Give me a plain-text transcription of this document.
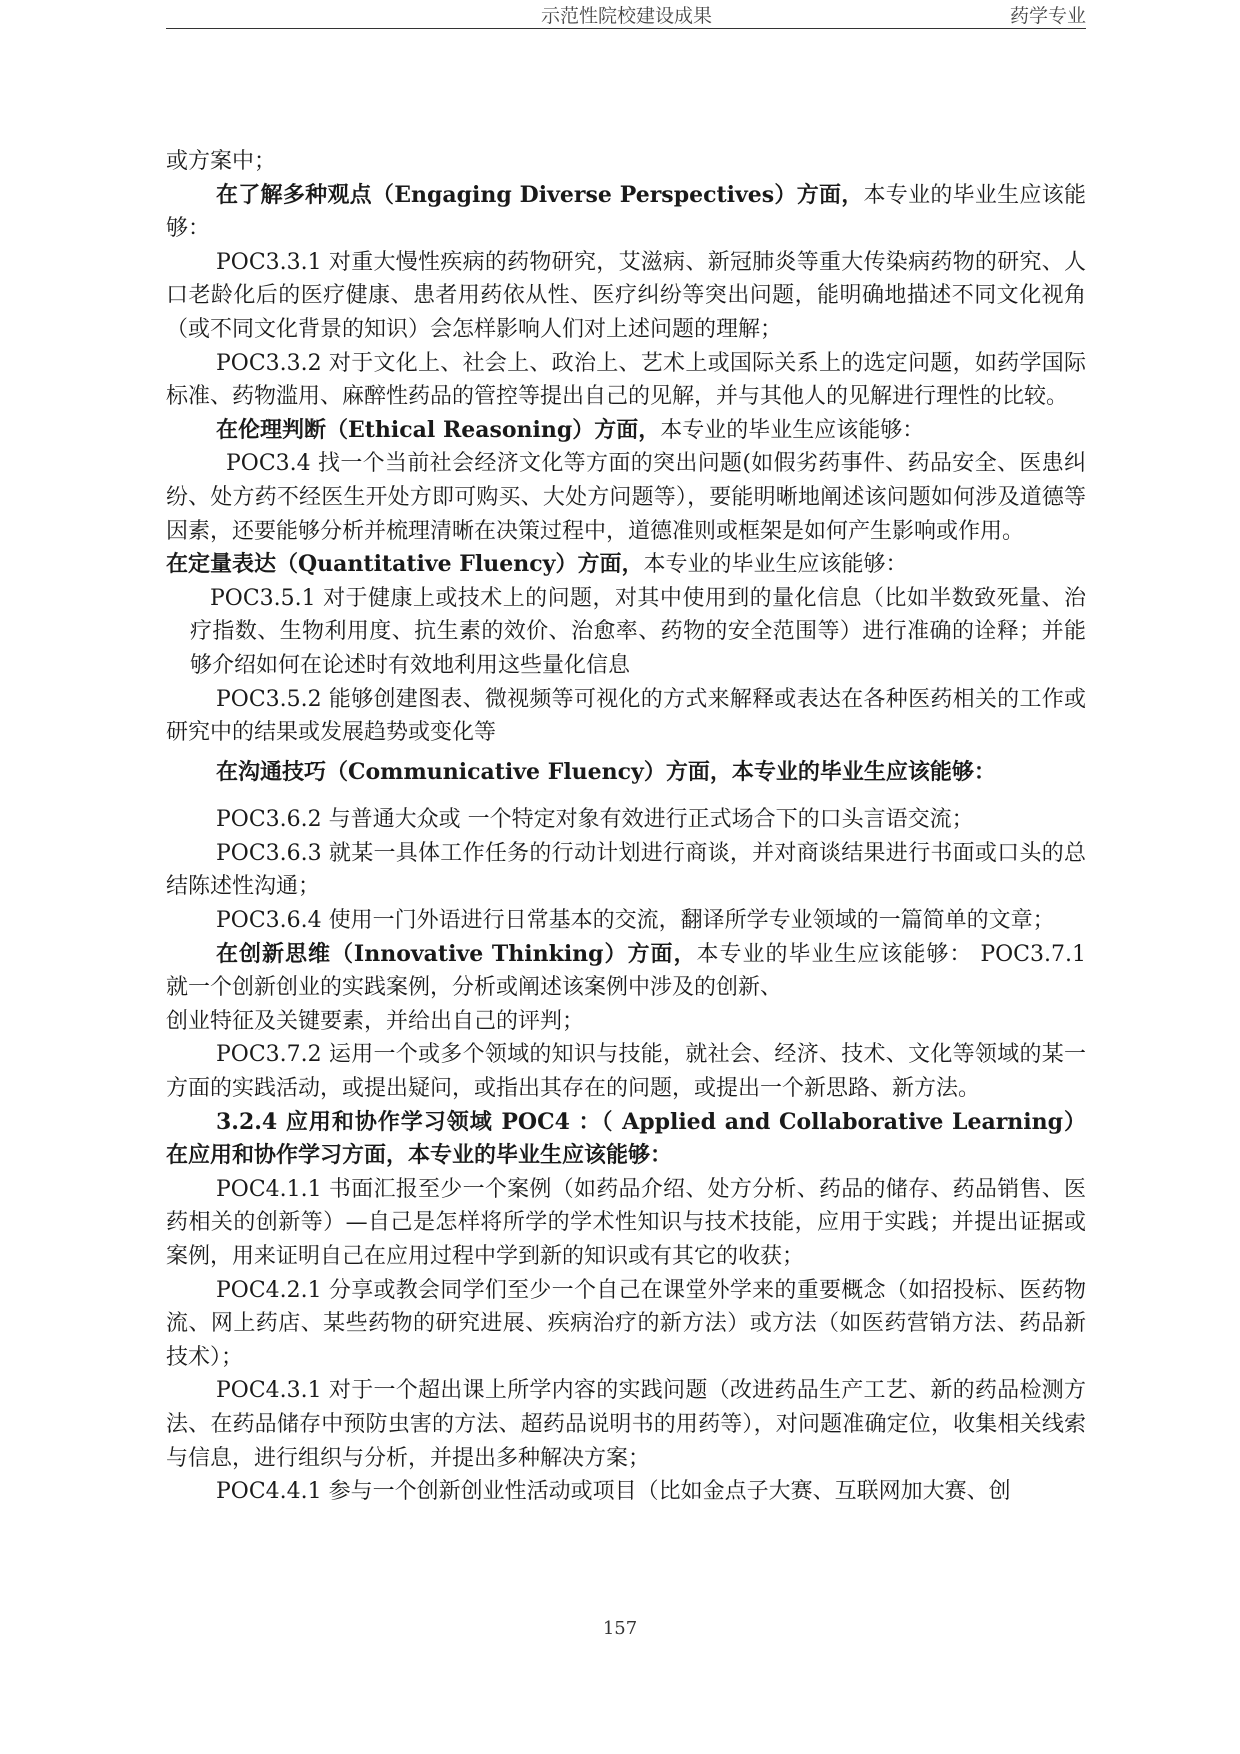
示范性院校建设成果	药学专业

或方案中；

在了解多种观点（Engaging Diverse Perspectives）方面，本专业的毕业生应该能够：

POC3.3.1 对重大慢性疾病的药物研究，艾滋病、新冠肺炎等重大传染病药物的研究、人口老龄化后的医疗健康、患者用药依从性、医疗纠纷等突出问题，能明确地描述不同文化视角（或不同文化背景的知识）会怎样影响人们对上述问题的理解；

POC3.3.2 对于文化上、社会上、政治上、艺术上或国际关系上的选定问题，如药学国际标准、药物滥用、麻醉性药品的管控等提出自己的见解，并与其他人的见解进行理性的比较。

在伦理判断（Ethical Reasoning）方面，本专业的毕业生应该能够：

POC3.4 找一个当前社会经济文化等方面的突出问题(如假劣药事件、药品安全、医患纠纷、处方药不经医生开处方即可购买、大处方问题等），要能明晰地阐述该问题如何涉及道德等因素，还要能够分析并梳理清晰在决策过程中，道德准则或框架是如何产生影响或作用。

在定量表达（Quantitative Fluency）方面，本专业的毕业生应该能够：

POC3.5.1 对于健康上或技术上的问题，对其中使用到的量化信息（比如半数致死量、治疗指数、生物利用度、抗生素的效价、治愈率、药物的安全范围等）进行准确的诠释；并能够介绍如何在论述时有效地利用这些量化信息

POC3.5.2 能够创建图表、微视频等可视化的方式来解释或表达在各种医药相关的工作或研究中的结果或发展趋势或变化等

在沟通技巧（Communicative Fluency）方面，本专业的毕业生应该能够：

POC3.6.2 与普通大众或 一个特定对象有效进行正式场合下的口头言语交流；

POC3.6.3 就某一具体工作任务的行动计划进行商谈，并对商谈结果进行书面或口头的总结陈述性沟通；

POC3.6.4 使用一门外语进行日常基本的交流，翻译所学专业领域的一篇简单的文章；

在创新思维（Innovative Thinking）方面，本专业的毕业生应该能够： POC3.7.1 就一个创新创业的实践案例，分析或阐述该案例中涉及的创新、

创业特征及关键要素，并给出自己的评判；

POC3.7.2 运用一个或多个领域的知识与技能，就社会、经济、技术、文化等领域的某一方面的实践活动，或提出疑问，或指出其存在的问题，或提出一个新思路、新方法。

3.2.4 应用和协作学习领域 POC4 ：（ Applied and Collaborative Learning）在应用和协作学习方面，本专业的毕业生应该能够：

POC4.1.1 书面汇报至少一个案例（如药品介绍、处方分析、药品的储存、药品销售、医药相关的创新等）—自己是怎样将所学的学术性知识与技术技能，应用于实践；并提出证据或案例，用来证明自己在应用过程中学到新的知识或有其它的收获；

POC4.2.1 分享或教会同学们至少一个自己在课堂外学来的重要概念（如招投标、医药物流、网上药店、某些药物的研究进展、疾病治疗的新方法）或方法（如医药营销方法、药品新技术）；

POC4.3.1 对于一个超出课上所学内容的实践问题（改进药品生产工艺、新的药品检测方法、在药品储存中预防虫害的方法、超药品说明书的用药等），对问题准确定位，收集相关线索与信息，进行组织与分析，并提出多种解决方案；

POC4.4.1 参与一个创新创业性活动或项目（比如金点子大赛、互联网加大赛、创

157
